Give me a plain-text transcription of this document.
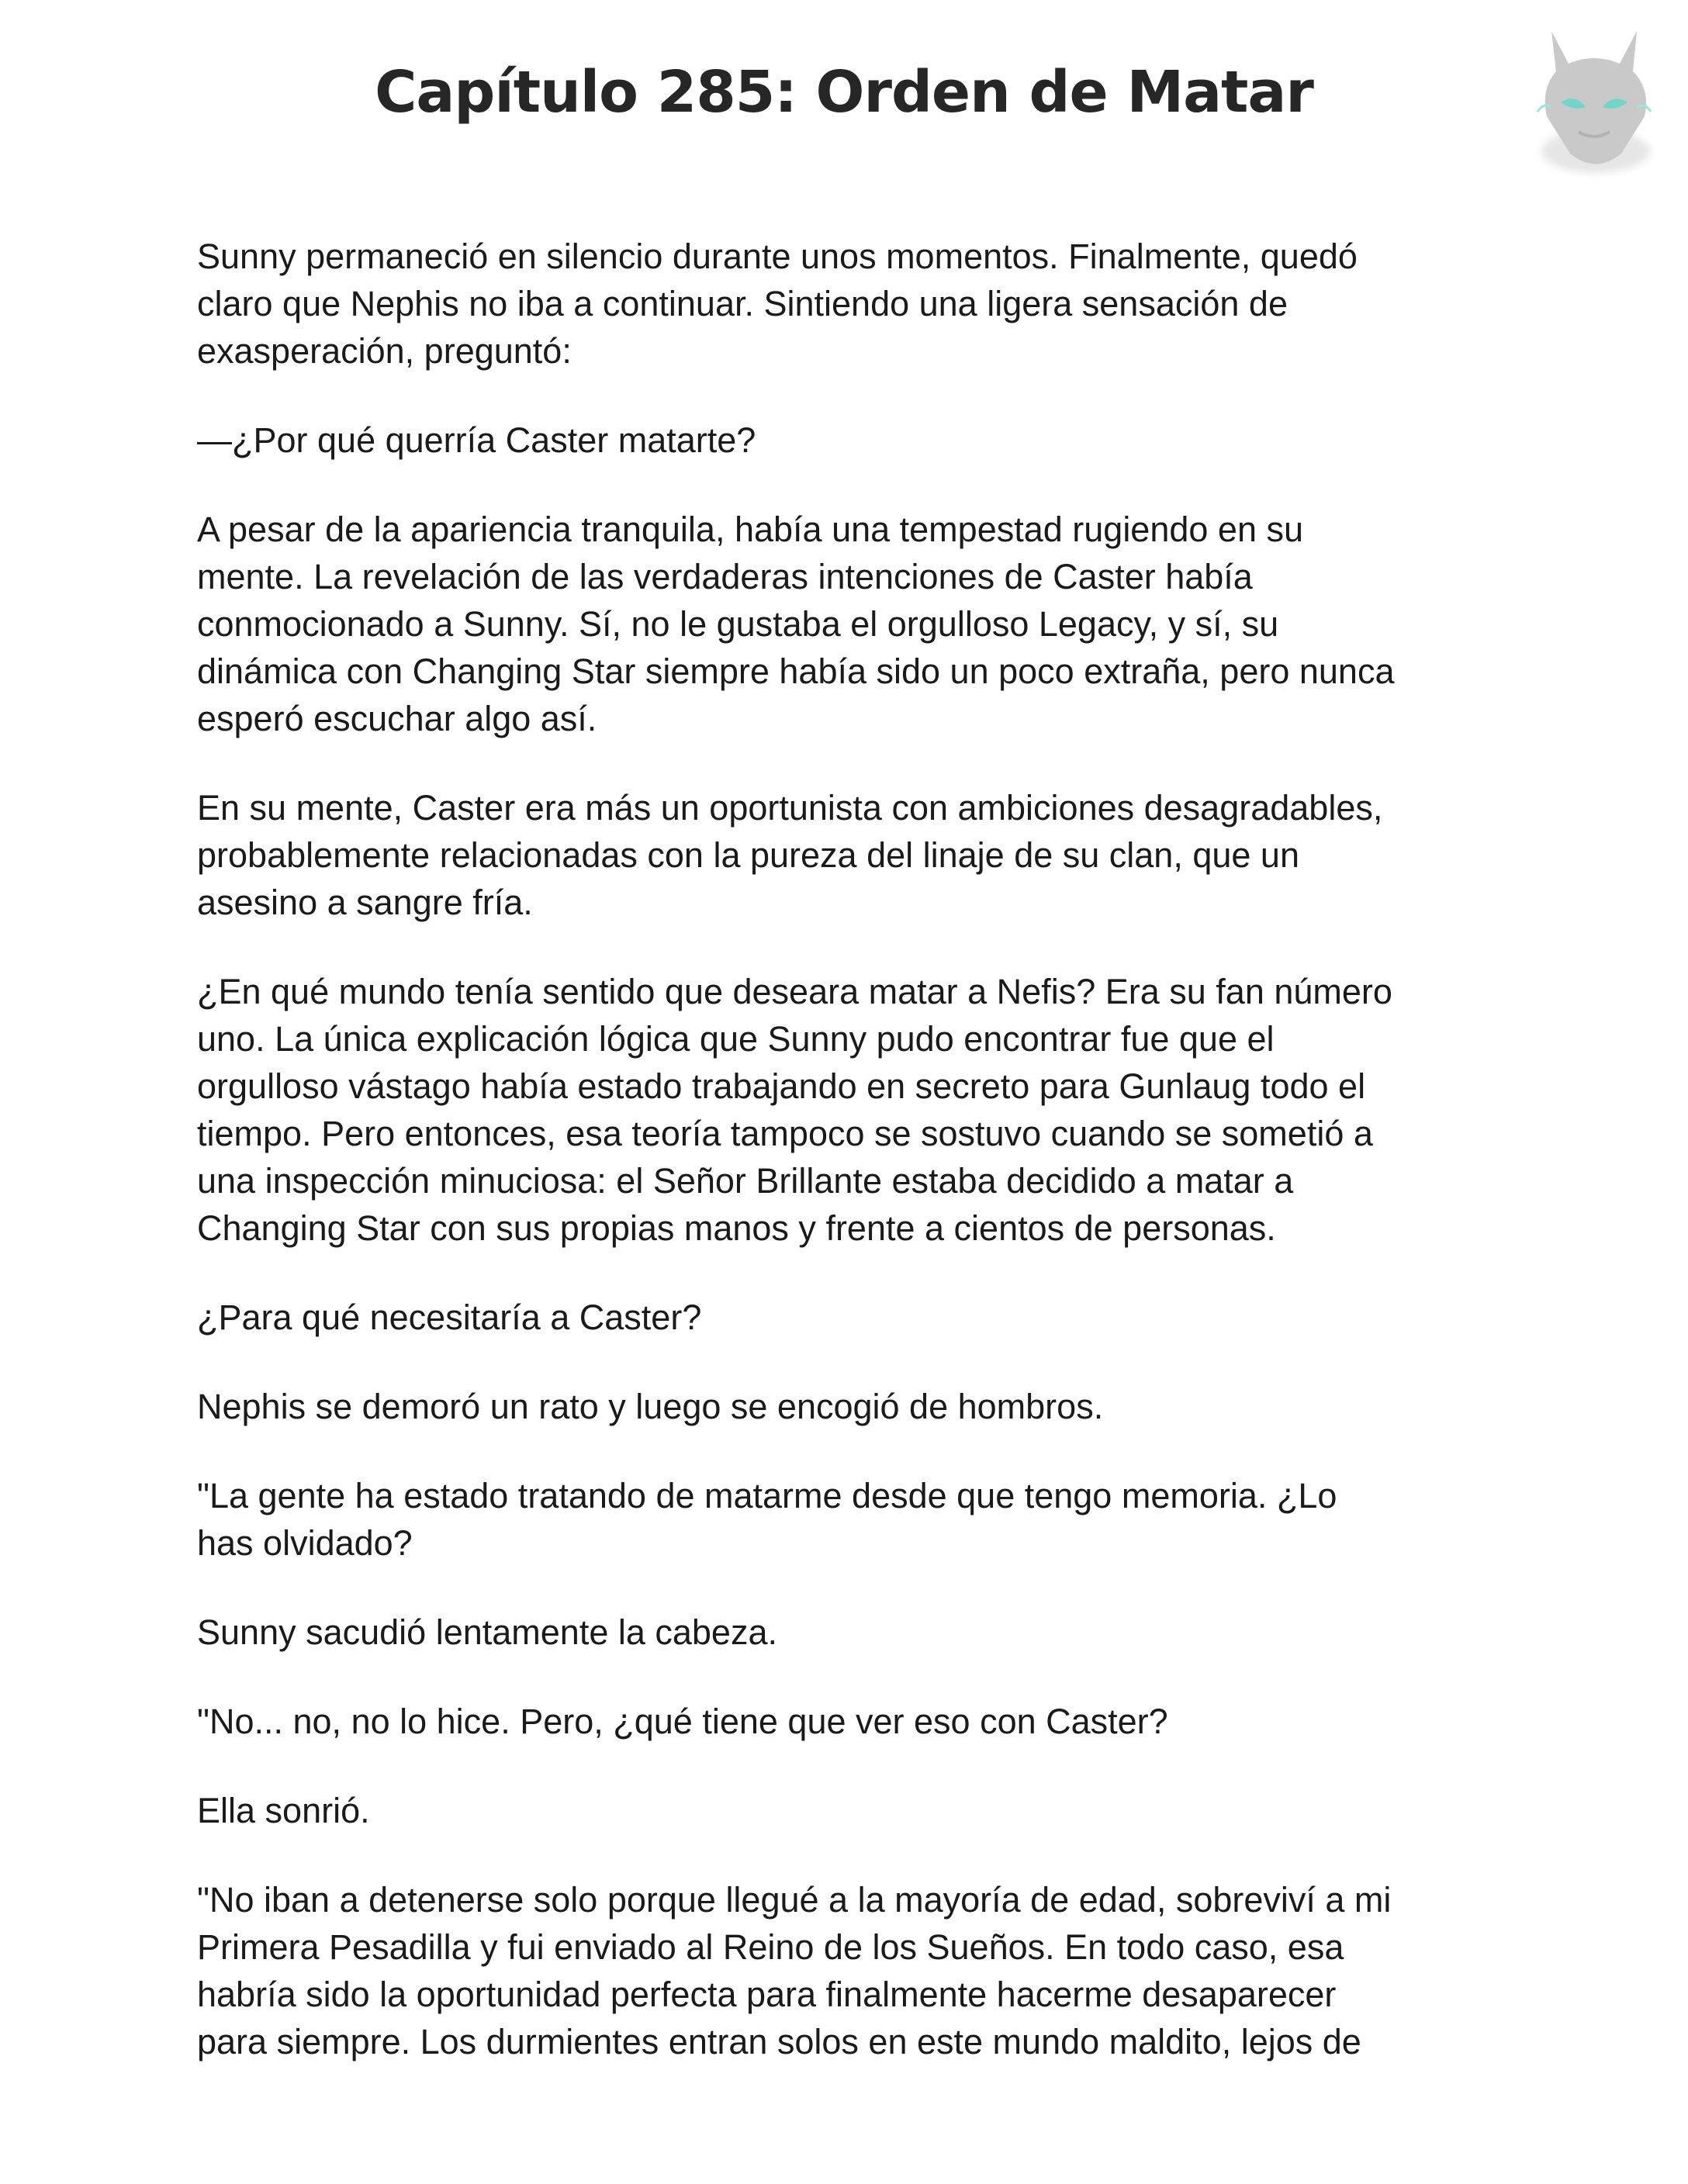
Capítulo 285: Orden de Matar

Sunny permaneció en silencio durante unos momentos. Finalmente, quedó
claro que Nephis no iba a continuar. Sintiendo una ligera sensación de
exasperación, preguntó:

—¿Por qué querría Caster matarte?

A pesar de la apariencia tranquila, había una tempestad rugiendo en su
mente. La revelación de las verdaderas intenciones de Caster había
conmocionado a Sunny. Sí, no le gustaba el orgulloso Legacy, y sí, su
dinámica con Changing Star siempre había sido un poco extraña, pero nunca
esperó escuchar algo así.

En su mente, Caster era más un oportunista con ambiciones desagradables,
probablemente relacionadas con la pureza del linaje de su clan, que un
asesino a sangre fría.

¿En qué mundo tenía sentido que deseara matar a Nefis? Era su fan número
uno. La única explicación lógica que Sunny pudo encontrar fue que el
orgulloso vástago había estado trabajando en secreto para Gunlaug todo el
tiempo. Pero entonces, esa teoría tampoco se sostuvo cuando se sometió a
una inspección minuciosa: el Señor Brillante estaba decidido a matar a
Changing Star con sus propias manos y frente a cientos de personas.

¿Para qué necesitaría a Caster?

Nephis se demoró un rato y luego se encogió de hombros.

"La gente ha estado tratando de matarme desde que tengo memoria. ¿Lo
has olvidado?

Sunny sacudió lentamente la cabeza.

"No... no, no lo hice. Pero, ¿qué tiene que ver eso con Caster?

Ella sonrió.

"No iban a detenerse solo porque llegué a la mayoría de edad, sobreviví a mi
Primera Pesadilla y fui enviado al Reino de los Sueños. En todo caso, esa
habría sido la oportunidad perfecta para finalmente hacerme desaparecer
para siempre. Los durmientes entran solos en este mundo maldito, lejos de
